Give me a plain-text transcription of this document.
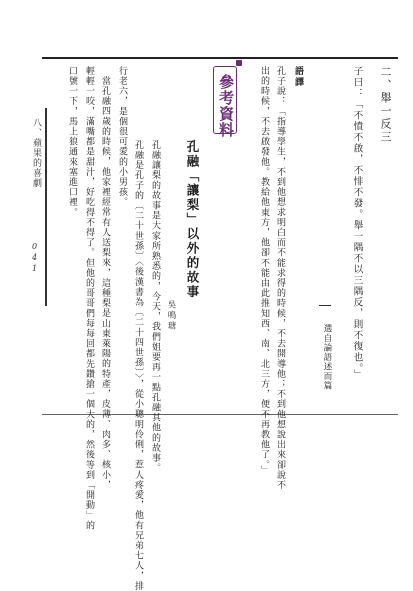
八、蘋果的喜劇
041
二、舉一反三
子曰：「不憤不啟，不悱不發。舉一隅不以三隅反，則不復也。」
選自論語述而篇
語譯
孔子說：「指導學生，不到他想求明白而不能求得的時候，不去開導他；不到他想說出來卻說不
出的時候，不去啟發他。教給他東方，他卻不能由此推知西、南、北三方，便不再教他了。」
參考資料
孔融「讓梨」以外的故事
吳鳴瑭
孔融讓梨的故事是大家所熟悉的，今天，我們姐要再一點孔融其他的故事。
孔融是孔子的〔二十世孫〕〈後漢書為〔二十四世孫〕〉，從小聰明伶俐，惹人疼愛，他有兄弟七人，排
行老六，是個很可愛的小男孩。
當孔融四歲的時候，他家裡經常有人送梨來，這種梨是山東萊陽的特產，皮薄、肉多、核小，
輕輕一咬，滿嘴都是甜汁，好吃得不得了。但他的哥哥們每每回都先鑽搶一個大的，然後等到「開動」的
口號一下，馬上狼通來塞進口裡。
